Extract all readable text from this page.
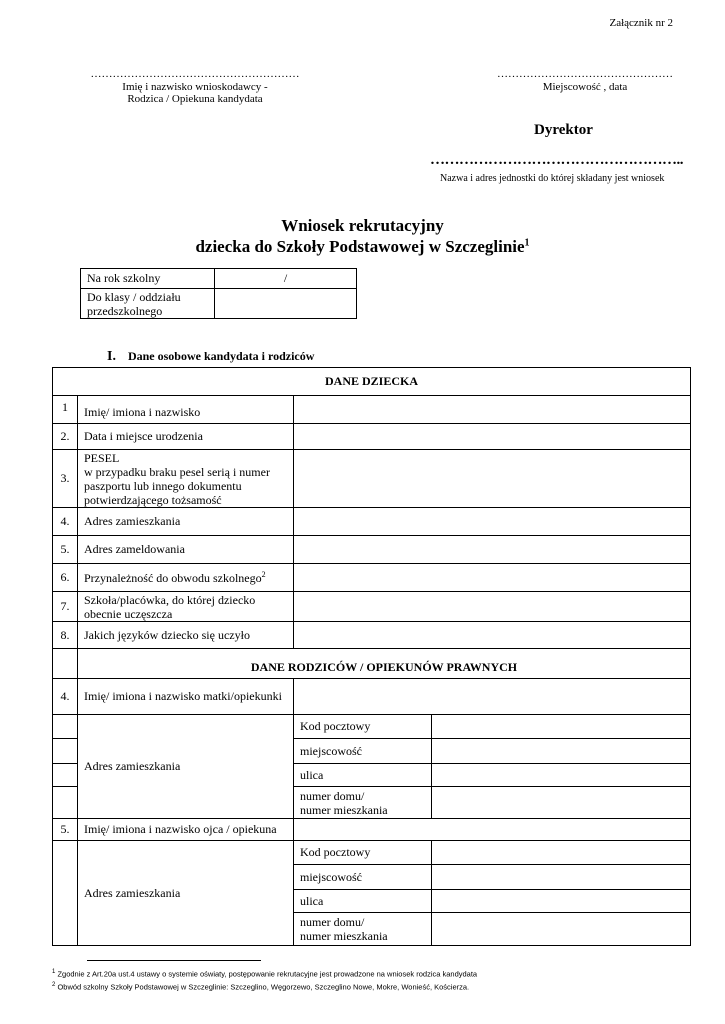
Załącznik nr 2
…………………………………………………
Imię i nazwisko wnioskodawcy -
Rodzica / Opiekuna kandydata
…………………………………………
Miejscowość , data
Dyrektor
……………………………………………..
Nazwa i adres jednostki do której składany jest wniosek
Wniosek rekrutacyjny
dziecka do Szkoły Podstawowej w Szczeglinie$^1$
Na rok szkolny	/

Do klasy / oddziału
przedszkolnego	

I. Dane osobowe kandydata i rodziców
DANE DZIECKA			
1	Imię/ imiona i nazwisko		
2.	Data i miejsce urodzenia		
3.	PESEL
w przypadku braku pesel serią i numer
paszportu lub innego dokumentu
potwierdzającego tożsamość		

4.	Adres zamieszkania		
5.	Adres zameldowania		
6.	Przynależność do obwodu szkolnego$^2$	
7.	Szkoła/placówka, do której dziecko
obecnie uczęszcza		

8.	Jakich języków dziecko się uczyło		
	DANE RODZICÓW / OPIEKUNÓW PRAWNYCH		
4.	Imię/ imiona i nazwisko matki/opiekunki		
	Adres zamieszkania	Kod pocztowy	
		miejscowość	
		ulica	

		numer domu/
numer mieszkania	

5.	Imię/ imiona i nazwisko ojca / opiekuna		
	Adres zamieszkania	Kod pocztowy	
		miejscowość	
		ulica	

		numer domu/
numer mieszkania	

$^1$ Zgodnie z Art.20a ust.4 ustawy o systemie oświaty, postępowanie rekrutacyjne jest prowadzone na wniosek rodzica kandydata
$^2$ Obwód szkolny Szkoły Podstawowej w Szczeglinie: Szczeglino, Węgorzewo, Szczeglino Nowe, Mokre, Wonieść, Kościerza.
